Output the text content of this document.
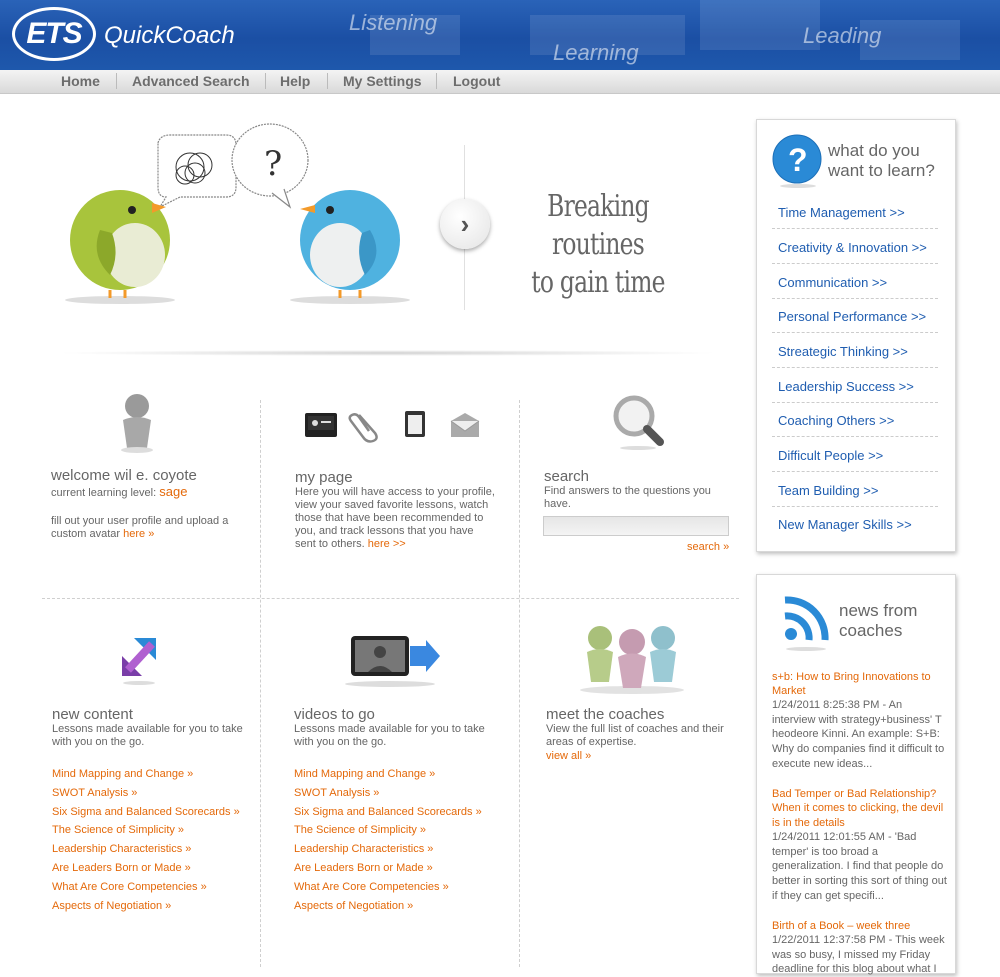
ETS QuickCoach	Listening
Learning
Leading
Home Advanced Search Help My Settings Logout
?
›	Breaking routines
to gain time
welcome wil e. coyote
current learning level: sage
fill out your user profile and upload a custom avatar here »
my page
Here you will have access to your profile, view your saved favorite lessons, watch those that have been recommended to you, and track lessons that you have sent to others. here >>
search
Find answers to the questions you have.
search »
new content
Lessons made available for you to take with you on the go.
Mind Mapping and Change »
SWOT Analysis »
Six Sigma and Balanced Scorecards »
The Science of Simplicity »
Leadership Characteristics »
Are Leaders Born or Made »
What Are Core Competencies »
Aspects of Negotiation »
videos to go
Lessons made available for you to take with you on the go.
Mind Mapping and Change »
SWOT Analysis »
Six Sigma and Balanced Scorecards »
The Science of Simplicity »
Leadership Characteristics »
Are Leaders Born or Made »
What Are Core Competencies »
Aspects of Negotiation »
meet the coaches
View the full list of coaches and their areas of expertise.
view all »
? what do you
want to learn?
Time Management >>
Creativity & Innovation >>
Communication >>
Personal Performance >>
Streategic Thinking >>
Leadership Success >>
Coaching Others >>
Difficult People >>
Team Building >>
New Manager Skills >>
news from
coaches
s+b: How to Bring Innovations to Market
1/24/2011 8:25:38 PM - An interview with strategy+business' T heodeore Kinni. An example: S+B: Why do companies find it difficult to execute new ideas...
Bad Temper or Bad Relationship? When it comes to clicking, the devil is in the details
1/24/2011 12:01:55 AM - 'Bad temper' is too broad a generalization. I find that people do better in sorting this sort of thing out if they can get specifi...
Birth of a Book – week three
1/22/2011 12:37:58 PM - This week was so busy, I missed my Friday deadline for this blog about what I
